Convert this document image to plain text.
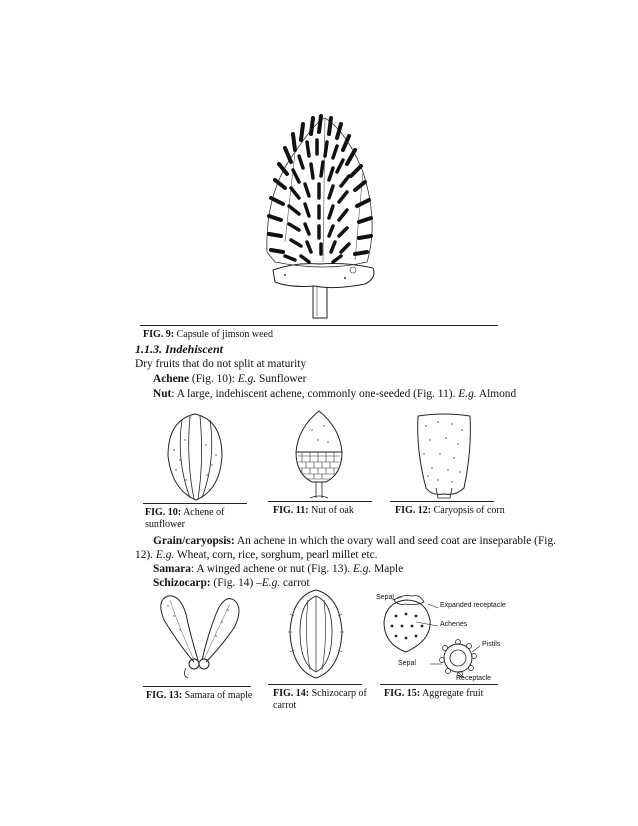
FIG. 9: Capsule of jimson weed
1.1.3. Indehiscent
Dry fruits that do not split at maturity
Achene (Fig. 10): E.g. Sunflower
Nut: A large, indehiscent achene, commonly one-seeded (Fig. 11). E.g. Almond
FIG. 10: Achene of
sunflower
FIG. 11: Nut of oak	FIG. 12: Caryopsis of corn
Grain/caryopsis: An achene in which the ovary wall and seed coat are inseparable (Fig.
12). E.g. Wheat, corn, rice, sorghum, pearl millet etc.
Samara: A winged achene or nut (Fig. 13). E.g. Maple
Schizocarp: (Fig. 14) –E.g. carrot
Sepal
Expanded receptacle
Achenes
Pistils
Sepal
Receptacle
FIG. 13: Samara of maple FIG. 14: Schizocarp of
carrot
FIG. 15: Aggregate fruit
